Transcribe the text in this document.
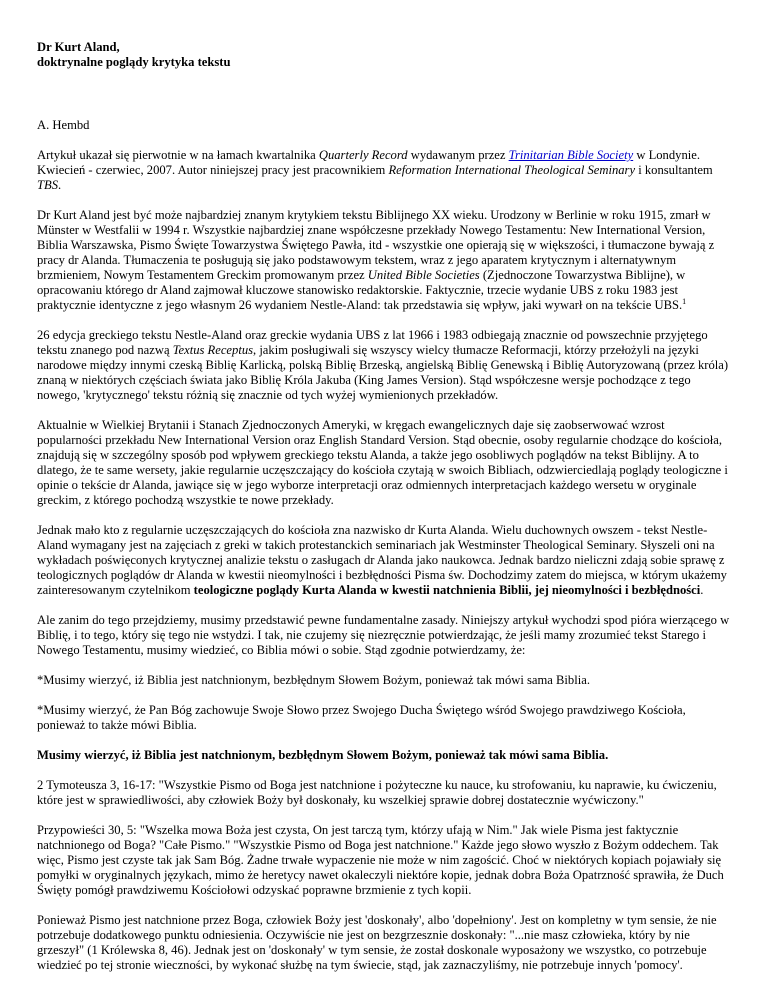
Dr Kurt Aland,
doktrynalne poglądy krytyka tekstu
A. Hembd

Artykuł ukazał się pierwotnie w na łamach kwartalnika Quarterly Record wydawanym przez Trinitarian Bible Society w Londynie.
Kwiecień - czerwiec, 2007. Autor niniejszej pracy jest pracownikiem Reformation International Theological Seminary i konsultantem
TBS.

Dr Kurt Aland jest być może najbardziej znanym krytykiem tekstu Biblijnego XX wieku. Urodzony w Berlinie w roku 1915, zmarł w
Münster w Westfalii w 1994 r. Wszystkie najbardziej znane współczesne przekłady Nowego Testamentu: New International Version,
Biblia Warszawska, Pismo Święte Towarzystwa Świętego Pawła, itd - wszystkie one opierają się w większości, i tłumaczone bywają z
pracy dr Alanda. Tłumaczenia te posługują się jako podstawowym tekstem, wraz z jego aparatem krytycznym i alternatywnym
brzmieniem, Nowym Testamentem Greckim promowanym przez United Bible Societies (Zjednoczone Towarzystwa Biblijne), w
opracowaniu którego dr Aland zajmował kluczowe stanowisko redaktorskie. Faktycznie, trzecie wydanie UBS z roku 1983 jest
praktycznie identyczne z jego własnym 26 wydaniem Nestle-Aland: tak przedstawia się wpływ, jaki wywarł on na tekście UBS.$^1$

26 edycja greckiego tekstu Nestle-Aland oraz greckie wydania UBS z lat 1966 i 1983 odbiegają znacznie od powszechnie przyjętego
tekstu znanego pod nazwą Textus Receptus, jakim posługiwali się wszyscy wielcy tłumacze Reformacji, którzy przełożyli na języki
narodowe między innymi czeską Biblię Karlicką, polską Biblię Brzeską, angielską Biblię Genewską i Biblię Autoryzowaną (przez króla)
znaną w niektórych częściach świata jako Biblię Króla Jakuba (King James Version). Stąd współczesne wersje pochodzące z tego
nowego, 'krytycznego' tekstu różnią się znacznie od tych wyżej wymienionych przekładów.

Aktualnie w Wielkiej Brytanii i Stanach Zjednoczonych Ameryki, w kręgach ewangelicznych daje się zaobserwować wzrost
popularności przekładu New International Version oraz English Standard Version. Stąd obecnie, osoby regularnie chodzące do kościoła,
znajdują się w szczególny sposób pod wpływem greckiego tekstu Alanda, a także jego osobliwych poglądów na tekst Biblijny. A to
dlatego, że te same wersety, jakie regularnie uczęszczający do kościoła czytają w swoich Bibliach, odzwierciedlają poglądy teologiczne i
opinie o tekście dr Alanda, jawiące się w jego wyborze interpretacji oraz odmiennych interpretacjach każdego wersetu w oryginale
greckim, z którego pochodzą wszystkie te nowe przekłady.

Jednak mało kto z regularnie uczęszczających do kościoła zna nazwisko dr Kurta Alanda. Wielu duchownych owszem - tekst Nestle-
Aland wymagany jest na zajęciach z greki w takich protestanckich seminariach jak Westminster Theological Seminary. Słyszeli oni na
wykładach poświęconych krytycznej analizie tekstu o zasługach dr Alanda jako naukowca. Jednak bardzo nieliczni zdają sobie sprawę z
teologicznych poglądów dr Alanda w kwestii nieomylności i bezbłędności Pisma św. Dochodzimy zatem do miejsca, w którym ukażemy
zainteresowanym czytelnikom teologiczne poglądy Kurta Alanda w kwestii natchnienia Biblii, jej nieomylności i bezbłędności.

Ale zanim do tego przejdziemy, musimy przedstawić pewne fundamentalne zasady. Niniejszy artykuł wychodzi spod pióra wierzącego w
Biblię, i to tego, który się tego nie wstydzi. I tak, nie czujemy się niezręcznie potwierdzając, że jeśli mamy zrozumieć tekst Starego i
Nowego Testamentu, musimy wiedzieć, co Biblia mówi o sobie. Stąd zgodnie potwierdzamy, że:

*Musimy wierzyć, iż Biblia jest natchnionym, bezbłędnym Słowem Bożym, ponieważ tak mówi sama Biblia.

*Musimy wierzyć, że Pan Bóg zachowuje Swoje Słowo przez Swojego Ducha Świętego wśród Swojego prawdziwego Kościoła,
ponieważ to także mówi Biblia.

Musimy wierzyć, iż Biblia jest natchnionym, bezbłędnym Słowem Bożym, ponieważ tak mówi sama Biblia.

2 Tymoteusza 3, 16-17: "Wszystkie Pismo od Boga jest natchnione i pożyteczne ku nauce, ku strofowaniu, ku naprawie, ku ćwiczeniu,
które jest w sprawiedliwości, aby człowiek Boży był doskonały, ku wszelkiej sprawie dobrej dostatecznie wyćwiczony."

Przypowieści 30, 5: "Wszelka mowa Boża jest czysta, On jest tarczą tym, którzy ufają w Nim." Jak wiele Pisma jest faktycznie
natchnionego od Boga? "Całe Pismo." "Wszystkie Pismo od Boga jest natchnione." Każde jego słowo wyszło z Bożym oddechem. Tak
więc, Pismo jest czyste tak jak Sam Bóg. Żadne trwałe wypaczenie nie może w nim zagościć. Choć w niektórych kopiach pojawiały się
pomyłki w oryginalnych językach, mimo że heretycy nawet okaleczyli niektóre kopie, jednak dobra Boża Opatrzność sprawiła, że Duch
Święty pomógł prawdziwemu Kościołowi odzyskać poprawne brzmienie z tych kopii.

Ponieważ Pismo jest natchnione przez Boga, człowiek Boży jest 'doskonały', albo 'dopełniony'. Jest on kompletny w tym sensie, że nie
potrzebuje dodatkowego punktu odniesienia. Oczywiście nie jest on bezgrzesznie doskonały: "...nie masz człowieka, który by nie
grzeszył" (1 Królewska 8, 46). Jednak jest on 'doskonały' w tym sensie, że został doskonale wyposażony we wszystko, co potrzebuje
wiedzieć po tej stronie wieczności, by wykonać służbę na tym świecie, stąd, jak zaznaczyliśmy, nie potrzebuje innych 'pomocy'.
